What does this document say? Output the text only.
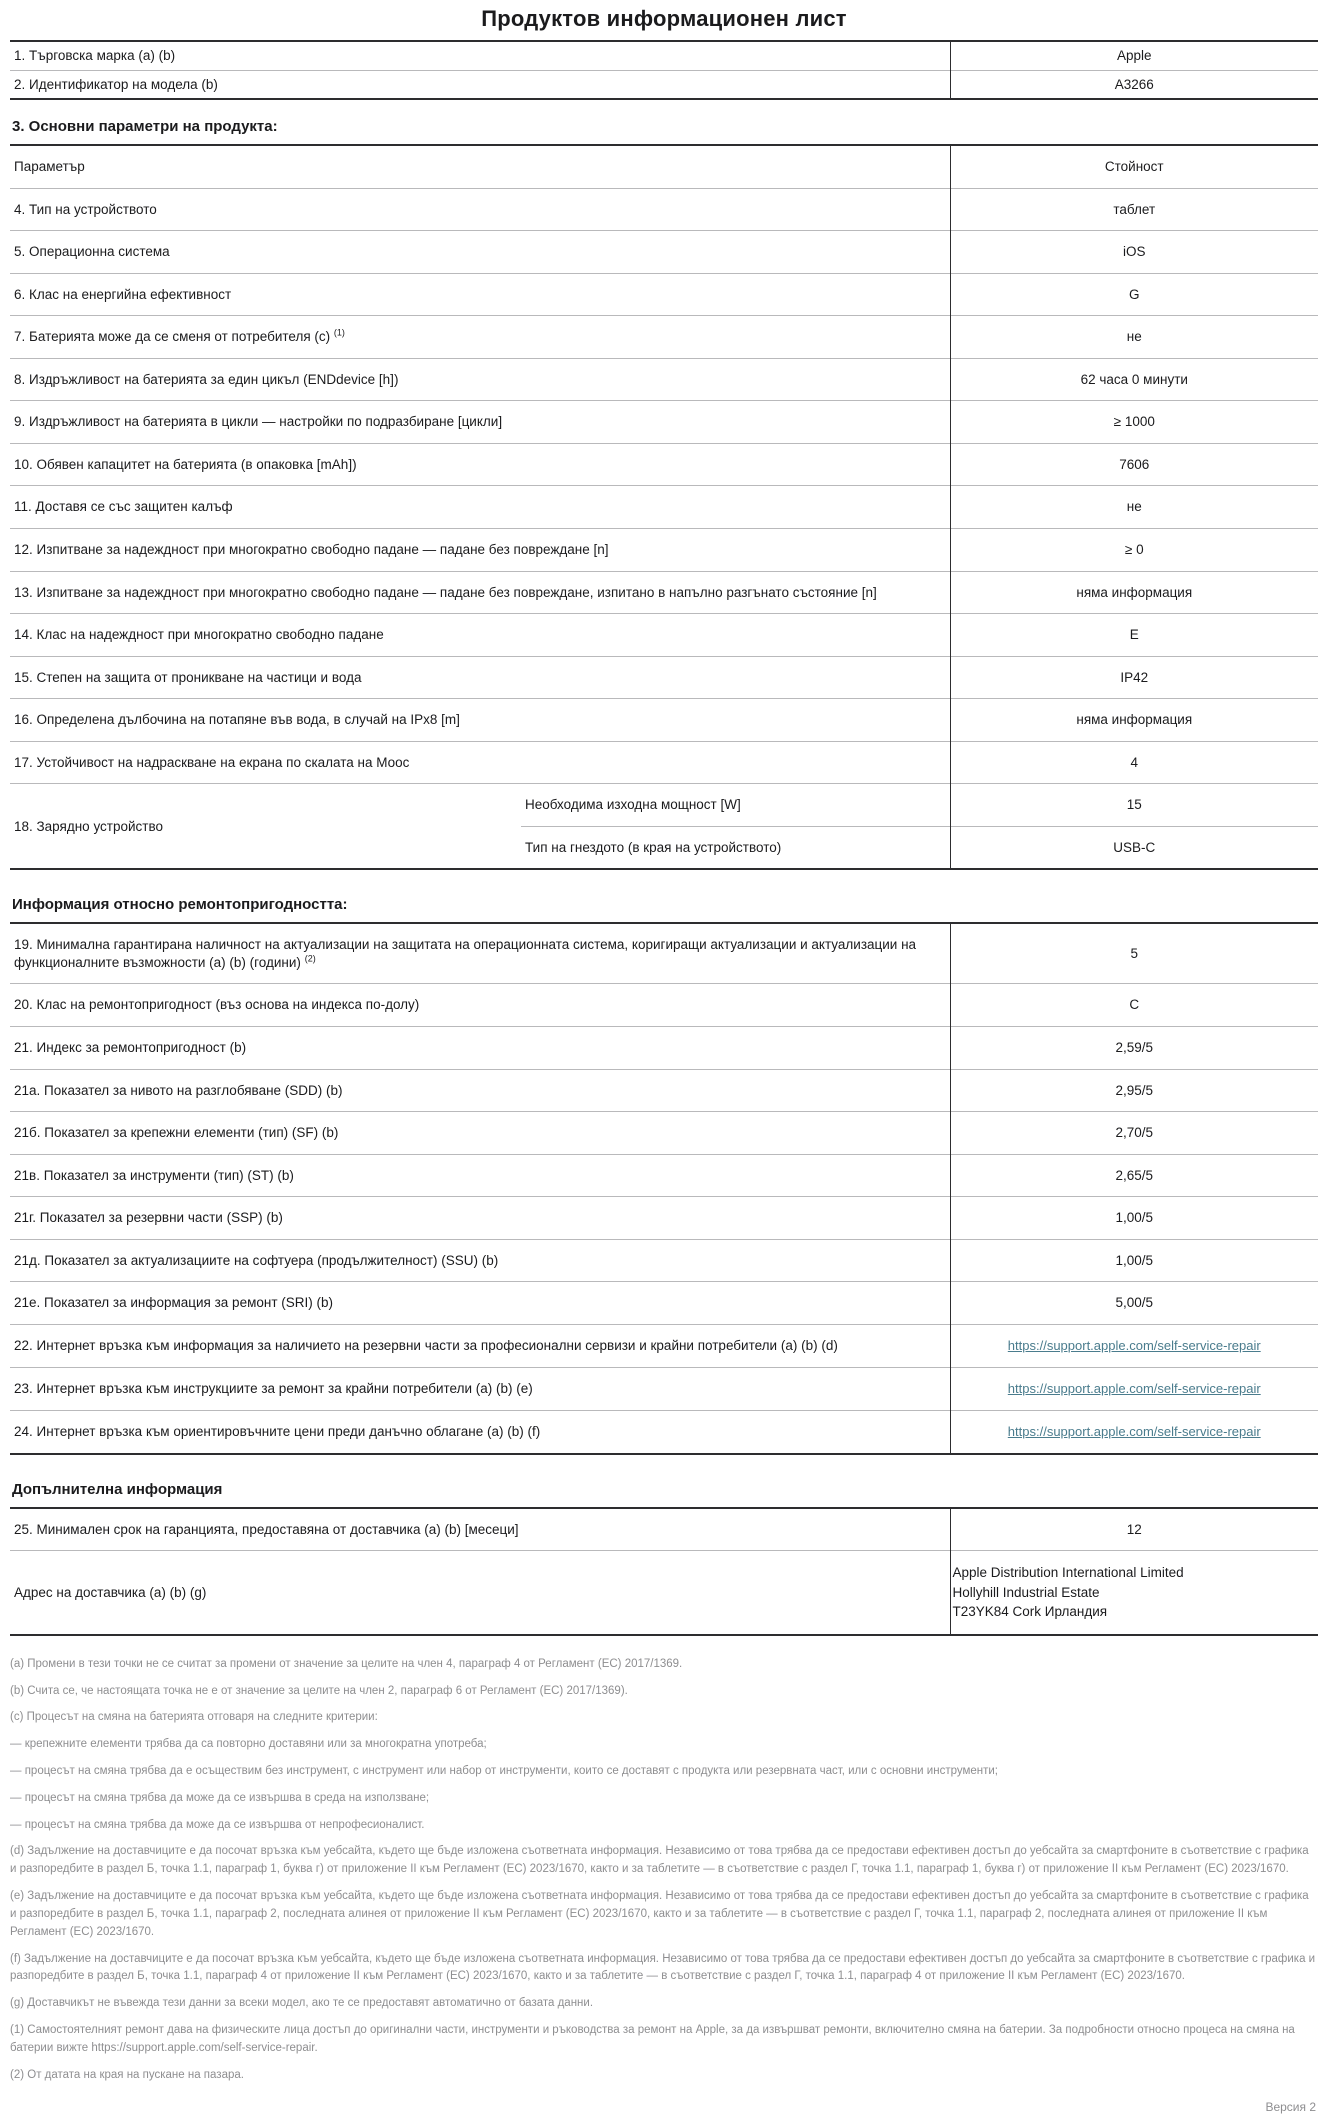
Продуктов информационен лист
1. Търговска марка (a) (b)	Apple
2. Идентификатор на модела (b)	A3266
3. Основни параметри на продукта:
Параметър		Стойност
4. Тип на устройството		таблет
5. Операционна система		iOS
6. Клас на енергийна ефективност		G
7. Батерията може да се сменя от потребителя (c) $^{(1)}$		не
8. Издръжливост на батерията за един цикъл (ENDdevice [h])		62 часа 0 минути
9. Издръжливост на батерията в цикли — настройки по подразбиране [цикли]		≥ 1000
10. Обявен капацитет на батерията (в опаковка [mAh])		7606
11. Доставя се със защитен калъф		не
12. Изпитване за надеждност при многократно свободно падане — падане без повреждане [n]		≥ 0
13. Изпитване за надеждност при многократно свободно падане — падане без повреждане, изпитано в напълно разгънато състояние [n]		няма информация
14. Клас на надеждност при многократно свободно падане		E
15. Степен на защита от проникване на частици и вода		IP42
16. Определена дълбочина на потапяне във вода, в случай на IPx8 [m]		няма информация
17. Устойчивост на надраскване на екрана по скалата на Моос		4
18. Зарядно устройство	Необходима изходна мощност [W]	15
	Тип на гнездото (в края на устройството)	USB-C
Информация относно ремонтопригодността:
19. Минимална гарантирана наличност на актуализации на защитата на операционната система, коригиращи актуализации и актуализации на функционалните възможности (a) (b) (години) $^{(2)}$	5
20. Клас на ремонтопригодност (въз основа на индекса по-долу)	C
21. Индекс за ремонтопригодност (b)	2,59/5
21а. Показател за нивото на разглобяване (SDD) (b)	2,95/5
21б. Показател за крепежни елементи (тип) (SF) (b)	2,70/5
21в. Показател за инструменти (тип) (ST) (b)	2,65/5
21г. Показател за резервни части (SSP) (b)	1,00/5
21д. Показател за актуализациите на софтуера (продължителност) (SSU) (b)	1,00/5
21е. Показател за информация за ремонт (SRI) (b)	5,00/5
22. Интернет връзка към информация за наличието на резервни части за професионални сервизи и крайни потребители (a) (b) (d)	https://support.apple.com/self-service-repair
23. Интернет връзка към инструкциите за ремонт за крайни потребители (a) (b) (e)	https://support.apple.com/self-service-repair
24. Интернет връзка към ориентировъчните цени преди данъчно облагане (a) (b) (f)	https://support.apple.com/self-service-repair
Допълнителна информация
25. Минимален срок на гаранцията, предоставяна от доставчика (a) (b) [месеци]	12
Адрес на доставчика (a) (b) (g)	Apple Distribution International Limited
Hollyhill Industrial Estate
T23YK84 Cork Ирландия

(a) Промени в тези точки не се считат за промени от значение за целите на член 4, параграф 4 от Регламент (ЕС) 2017/1369.

(b) Счита се, че настоящата точка не е от значение за целите на член 2, параграф 6 от Регламент (ЕС) 2017/1369).

(c) Процесът на смяна на батерията отговаря на следните критерии:

— крепежните елементи трябва да са повторно доставяни или за многократна употреба;

— процесът на смяна трябва да е осъществим без инструмент, с инструмент или набор от инструменти, които се доставят с продукта или резервната част, или с основни инструменти;

— процесът на смяна трябва да може да се извършва в среда на използване;

— процесът на смяна трябва да може да се извършва от непрофесионалист.

(d) Задължение на доставчиците е да посочат връзка към уебсайта, където ще бъде изложена съответната информация. Независимо от това трябва да се предостави ефективен достъп до уебсайта за смартфоните в съответствие с графика и разпоредбите в раздел Б, точка 1.1, параграф 1, буква г) от приложение II към Регламент (ЕС) 2023/1670, както и за таблетите — в съответствие с раздел Г, точка 1.1, параграф 1, буква г) от приложение II към Регламент (ЕС) 2023/1670.

(e) Задължение на доставчиците е да посочат връзка към уебсайта, където ще бъде изложена съответната информация. Независимо от това трябва да се предостави ефективен достъп до уебсайта за смартфоните в съответствие с графика и разпоредбите в раздел Б, точка 1.1, параграф 2, последната алинея от приложение II към Регламент (ЕС) 2023/1670, както и за таблетите — в съответствие с раздел Г, точка 1.1, параграф 2, последната алинея от приложение II към Регламент (ЕС) 2023/1670.

(f) Задължение на доставчиците е да посочат връзка към уебсайта, където ще бъде изложена съответната информация. Независимо от това трябва да се предостави ефективен достъп до уебсайта за смартфоните в съответствие с графика и разпоредбите в раздел Б, точка 1.1, параграф 4 от приложение II към Регламент (ЕС) 2023/1670, както и за таблетите — в съответствие с раздел Г, точка 1.1, параграф 4 от приложение II към Регламент (ЕС) 2023/1670.

(g) Доставчикът не въвежда тези данни за всеки модел, ако те се предоставят автоматично от базата данни.

(1) Самостоятелният ремонт дава на физическите лица достъп до оригинални части, инструменти и ръководства за ремонт на Apple, за да извършват ремонти, включително смяна на батерии. За подробности относно процеса на смяна на батерии вижте https://support.apple.com/self-service-repair.

(2) От датата на края на пускане на пазара.

Версия 2
